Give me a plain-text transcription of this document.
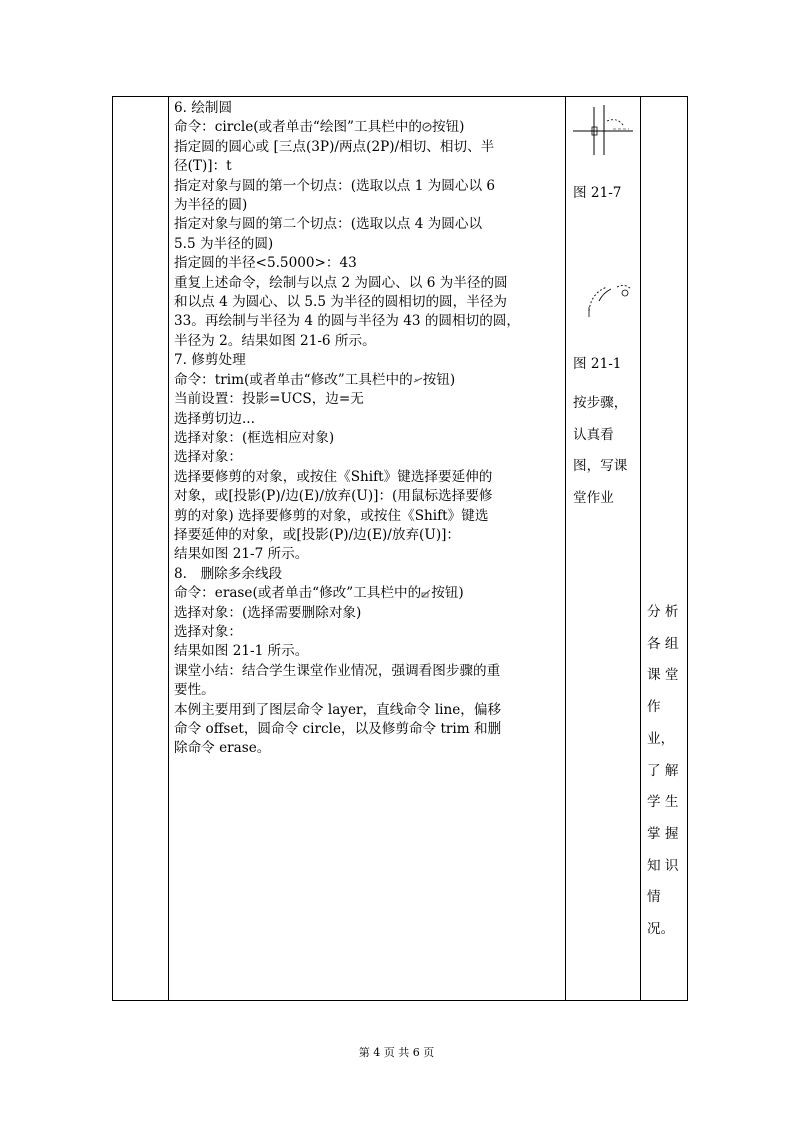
6. 绘制圆

命令：circle(或者单击“绘图”工具栏中的 按钮)

指定圆的圆心或 [三点(3P)/两点(2P)/相切、相切、半

径(T)]：t

指定对象与圆的第一个切点：(选取以点 1 为圆心以 6

为半径的圆)

指定对象与圆的第二个切点：(选取以点 4 为圆心以

5.5 为半径的圆)

指定圆的半径<5.5000>：43

重复上述命令，绘制与以点 2 为圆心、以 6 为半径的圆

和以点 4 为圆心、以 5.5 为半径的圆相切的圆，半径为

33。再绘制与半径为 4 的圆与半径为 43 的圆相切的圆，

半径为 2。结果如图 21-6 所示。

7. 修剪处理

命令：trim(或者单击“修改”工具栏中的 按钮)

当前设置：投影=UCS，边=无

选择剪切边...

选择对象：(框选相应对象)

选择对象：

选择要修剪的对象，或按住《Shift》键选择要延伸的

对象，或[投影(P)/边(E)/放弃(U)]：(用鼠标选择要修

剪的对象) 选择要修剪的对象，或按住《Shift》键选

择要延伸的对象，或[投影(P)/边(E)/放弃(U)]：

结果如图 21-7 所示。

8.　删除多余线段

命令：erase(或者单击“修改”工具栏中的 按钮)

选择对象：(选择需要删除对象)

选择对象：

结果如图 21-1 所示。

课堂小结：结合学生课堂作业情况，强调看图步骤的重

要性。

本例主要用到了图层命令 layer，直线命令 line，偏移

命令 offset，圆命令 circle，以及修剪命令 trim 和删

除命令 erase。

图 21-7
图 21-1

按步骤，

认真看

图，写课

堂作业

分 析

各 组

课 堂

作

业，

了 解

学 生

掌 握

知 识

情

况。

第 4 页 共 6 页
